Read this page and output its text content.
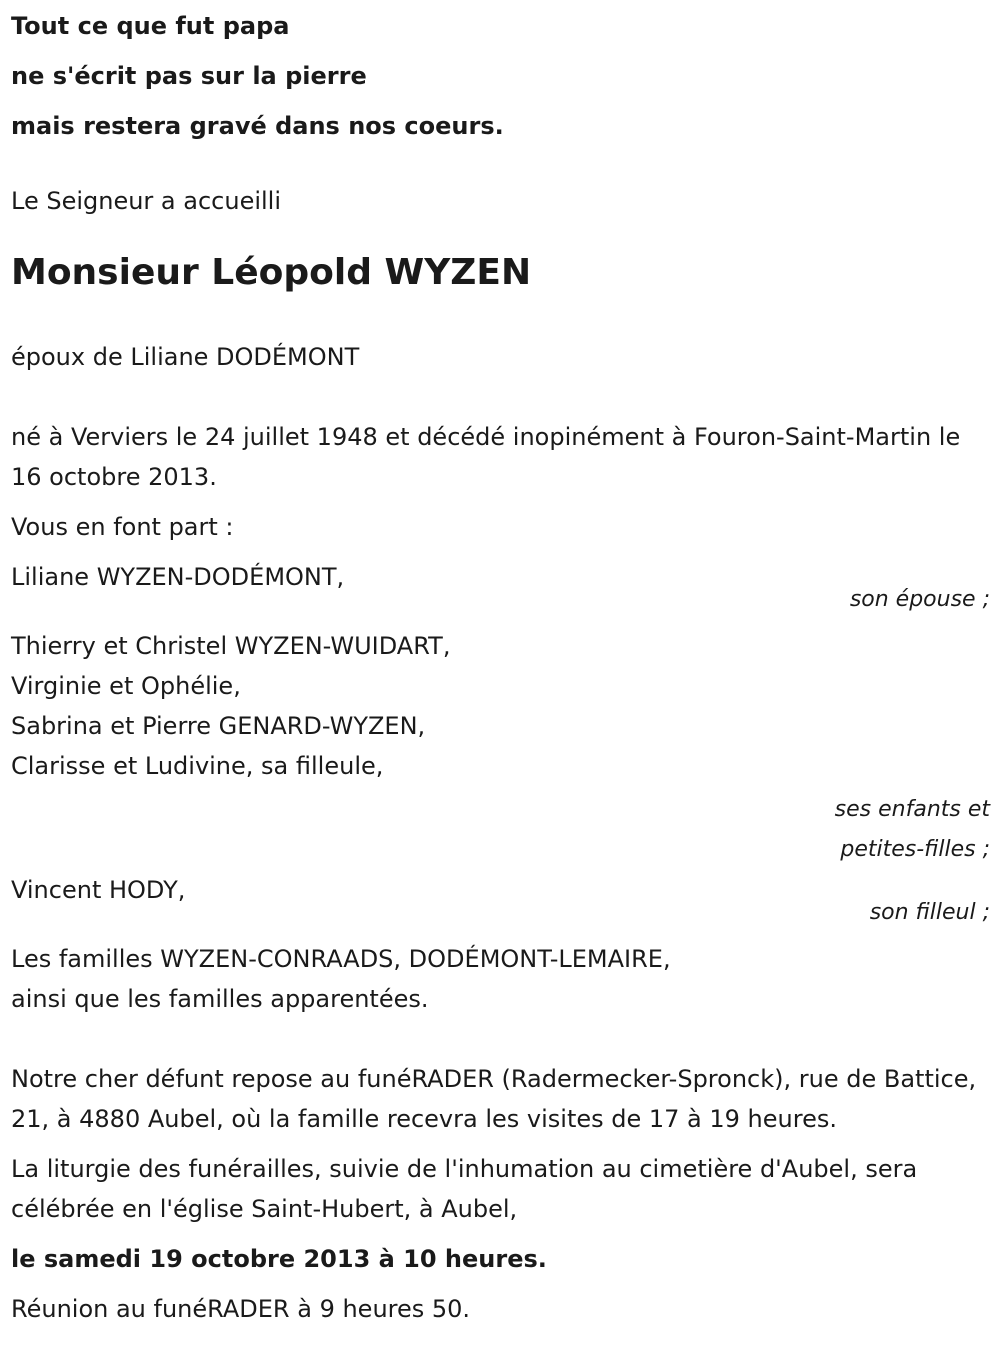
Tout ce que fut papa
ne s'écrit pas sur la pierre
mais restera gravé dans nos coeurs.
Le Seigneur a accueilli
Monsieur Léopold WYZEN
époux de Liliane DODÉMONT
né à Verviers le 24 juillet 1948 et décédé inopinément à Fouron-Saint-Martin le 16 octobre 2013.
Vous en font part :
Liliane WYZEN-DODÉMONT,
son épouse ;
Thierry et Christel WYZEN-WUIDART,
Virginie et Ophélie,
Sabrina et Pierre GENARD-WYZEN,
Clarisse et Ludivine, sa filleule,
ses enfants et
petites-filles ;
Vincent HODY,
son filleul ;
Les familles WYZEN-CONRAADS, DODÉMONT-LEMAIRE,
ainsi que les familles apparentées.
Notre cher défunt repose au funéRADER (Radermecker-Spronck), rue de Battice, 21, à 4880 Aubel, où la famille recevra les visites de 17 à 19 heures.
La liturgie des funérailles, suivie de l'inhumation au cimetière d'Aubel, sera célébrée en l'église Saint-Hubert, à Aubel,
le samedi 19 octobre 2013 à 10 heures.
Réunion au funéRADER à 9 heures 50.
